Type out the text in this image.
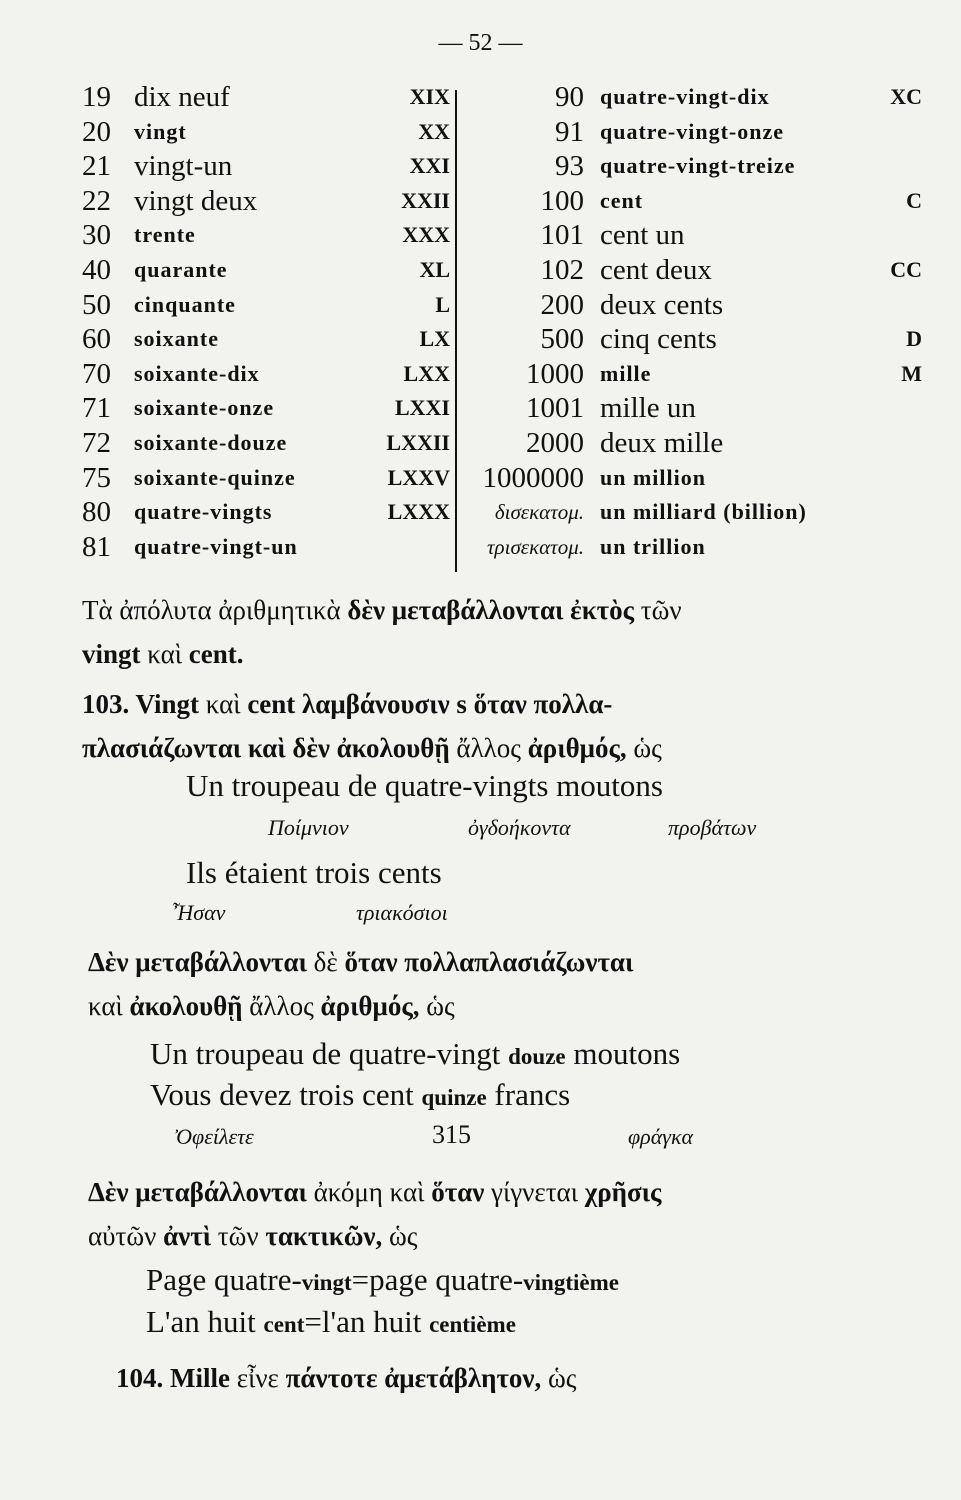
— 52 —
19 dix neuf	XIX
20 vingt	XX
21 vingt-un	XXI
22 vingt deux	XXII
30 trente	XXX
40 quarante	XL
50 cinquante	L
60 soixante	LX
70 soixante-dix	LXX
71 soixante-onze	LXXI
72 soixante-douze	LXXII
75 soixante-quinze	LXXV
80 quatre-vingts	LXXX
81 quatre-vingt-un
90 quatre-vingt-dix	XC
91 quatre-vingt-onze
93 quatre-vingt-treize
100 cent	C
101 cent un
102 cent deux	CC
200 deux cents
500 cinq cents	D
1000 mille	M
1001 mille un
2000 deux mille
1000000 un million
δισεκατομ. un milliard (billion)
τρισεκατομ. un trillion
Τὰ ἀπόλυτα ἀριθμητικὰ δὲν μεταβάλλονται ἐκτὸς τῶν
vingt καὶ cent.
103. Vingt καὶ cent λαμβάνουσιν s ὅταν πολλα-
πλασιάζωνται καὶ δὲν ἀκολουθῇ ἄλλος ἀριθμός, ὡς
Un troupeau de quatre-vingts moutons
Ποίμνιον	ὀγδοήκοντα	προβάτων
Ils étaient trois cents
Ἦσαν	τριακόσιοι
Δὲν μεταβάλλονται δὲ ὅταν πολλαπλασιάζωνται
καὶ ἀκολουθῇ ἄλλος ἀριθμός, ὡς
Un troupeau de quatre-vingt douze moutons
Vous devez trois cent quinze francs
Ὀφείλετε	315	φράγκα
Δὲν μεταβάλλονται ἀκόμη καὶ ὅταν γίγνεται χρῆσις
αὐτῶν ἀντὶ τῶν τακτικῶν, ὡς
Page quatre-vingt=page quatre-vingtième
L'an huit cent=l'an huit centième
104. Mille εἶνε πάντοτε ἀμετάβλητον, ὡς
